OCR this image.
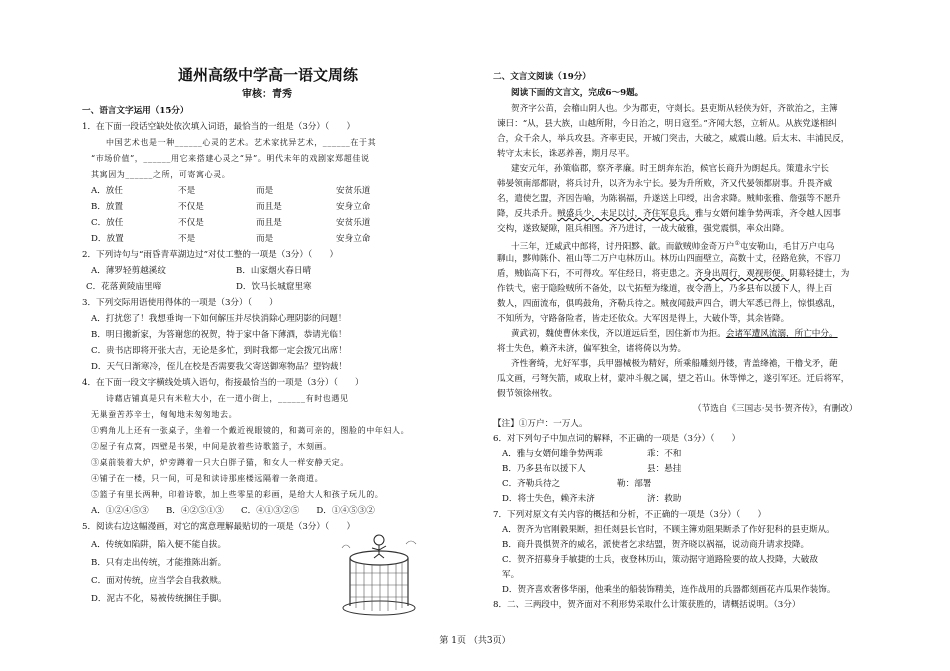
通州高级中学高一语文周练
审核：青秀
一、语言文字运用（15分）
1．在下面一段话空缺处依次填入词语，最恰当的一组是（3分）（　　）
中国艺术也是一种______心灵的艺术。艺术家扰异艺术，______在于其
“市场价值”，______用它来搭建心灵之“异”。明代未年的戏剧家郑超佳说
其寓因为______之所，可寄寓心灵。
A．放任	不是	而是	安贫乐道
B．放置	不仅是	而且是	安身立命
C．放任	不仅是	而且是	安贫乐道
D．放置	不是	而是	安身立命
2．下列诗句与“雨昏青草湖边过”对仗工整的一项是（3分）（　　）
A．薄罗轻剪越溪纹	B．山家烟火春日晴
C．花落黄陵庙里啼	D．饮马长城窟里寒
3．下列交际用语使用得体的一项是（3分）（　　）
A．打扰您了！我想垂询一下如何解压并尽快消除心理阴影的问题！
B．明日搬新家，为答谢您的祝贺，特于家中备下薄酒，恭请光临！
C．贵书店即将开张大吉，无论是多忙，到时我都一定会拨冗出席！
D．天气日渐寒冷，侄儿在校是否需要我父寄送御寒物品？望钧裁！
4．在下面一段文字横线处填入语句，衔接最恰当的一项是（3分）（　　）
诗藉店铺真是只有米粒大小，在一道小街上，______有时也遇见
无巢蚕苦苏辛士，匈匈地未匆匆地去。
①鸦角儿上还有一张桌子，坐着一个戴近视眼镜的，和蔼可亲的，图脸的中年妇人。
②屋子有点窝，四壁是书架，中间是放着些诗歌篮子，木刻画。
③桌前装着大炉，炉旁蹲着一只大白胖子猫，和女人一样安静天定。
④铺子在一楼，只一间，可是和读诗那座楼远隔着一条商道。
⑤篮子有里长两种，印着诗歌，加上些零星的彩画，是给大人和孩子玩儿的。
A．①②④⑤③　　B．④②⑤①③　　C．④①③②⑤　　D．①④⑤③②
5．阅读右边这幅漫画，对它的寓意理解最贴切的一项是（3分）（　　）
A．传统如陷阱，陷入便不能自拔。
B．只有走出传统，才能推陈出新。
C．面对传统，应当学会自我救赎。
D．泥古不化，易被传统捆住手脚。
二、文言文阅读（19分）
阅读下面的文言文，完成6～9题。
贺齐字公苗，会稽山阴人也。少为郡吏，守剡长。县吏斯从轻侠为奸，齐欲治之，主簿
谏曰：“从，县大族，山越所附，今日治之，明日寇至。”齐闻大怒，立斩从。从族党遂相纠
合，众千余人，举兵攻县。齐率吏民，开城门突击，大破之，威震山越。后太末、丰浦民反，
转守太末长，诛恶养善，期月尽平。
建安元年，孙策临郡，察齐孝廉。时王朗奔东治，候官长商升为朗起兵。策遣永宁长
韩晏领南部都尉，将兵讨升，以齐为永宁长。晏为升所败，齐又代晏领都尉事。升畏齐威
名，遣使乞盟，齐因告喻，为陈祸福，升遂送上印绶，出舍求降。贼帅张雅、詹强等不愿升
降，反共杀升。贼盛兵少，未足以讨，齐住军息兵。雅与女婿何雄争势两乖，齐令越人因事
交构，遂致疑隙，阻兵相图。齐乃进讨，一战大破雅，强党震惧，率众出降。
十三年，迁威武中郎将，讨丹阳黟、歙。而歙贼帅金奇万户①屯安勒山，毛甘万户屯乌
聊山，黟帅陈仆、祖山等二万户屯林历山。林历山四面壁立，高数十丈，径路危狭，不容刀
盾，贼临高下石，不可得攻。军住经日，将吏患之。齐身出周行，观视形便。阴募轻捷士，为
作铁弋，密于隐险贼所不备处，以弋拓堑为缘道，夜令潜上，乃多县布以援下人，得上百
数人，四面流布，俱鸣鼓角，齐勒兵待之。贼夜闻鼓声四合，谓大军悉已得上，惊惧惑乱，
不知所为，守路备险者，皆走还依众。大军因是得上，大破仆等，其余皆降。
黄武初，魏使曹休来伐，齐以道远后至，因住新市为拒。会诸军遭风流溺，所亡中分。
将士失色，赖齐未济，偏军独全，诸将倚以为势。
齐性奢绮，尤好军事，兵甲器械极为精好，所乘船雕刻丹镂，青盖绛襜，干橹戈矛，葩
瓜文画，弓弩矢箭，咸取上材，蒙冲斗舰之属，望之若山。休等惮之，遂引军还。迁后将军，
假节领徐州牧。
（节选自《三国志·吴书·贺齐传》，有删改）
【注】①万户：一万人。
6．对下列句子中加点词的解释，不正确的一项是（3分）（　　）
A．雅与女婿何雄争势两乖	乖：不和
B．乃多县布以援下人	县：悬挂
C．齐勒兵待之	勒：部署
D．将士失色，赖齐未济	济：救助
7．下列对原文有关内容的概括和分析，不正确的一项是（3分）（　　）
A．贺齐为官刚毅果断，担任剡县长官时，不顾主簿劝阻果断杀了作好犯科的县吏斯从。
B．商升畏惧贺齐的威名，派使者乞求结盟，贺齐晓以祸福，说动商升请求投降。
C．贺齐招募身手敏捷的士兵，夜登林历山，策动据守道路险要的故人投降，大破敌
军。
D．贺齐喜欢奢侈华丽，他乘坐的船装饰精美，连作战用的兵器都刻画花卉瓜果作装饰。
8．二、三两段中，贺齐面对不利形势采取什么计策获胜的，请概括说明。（3分）
第 1页 （共3页）
